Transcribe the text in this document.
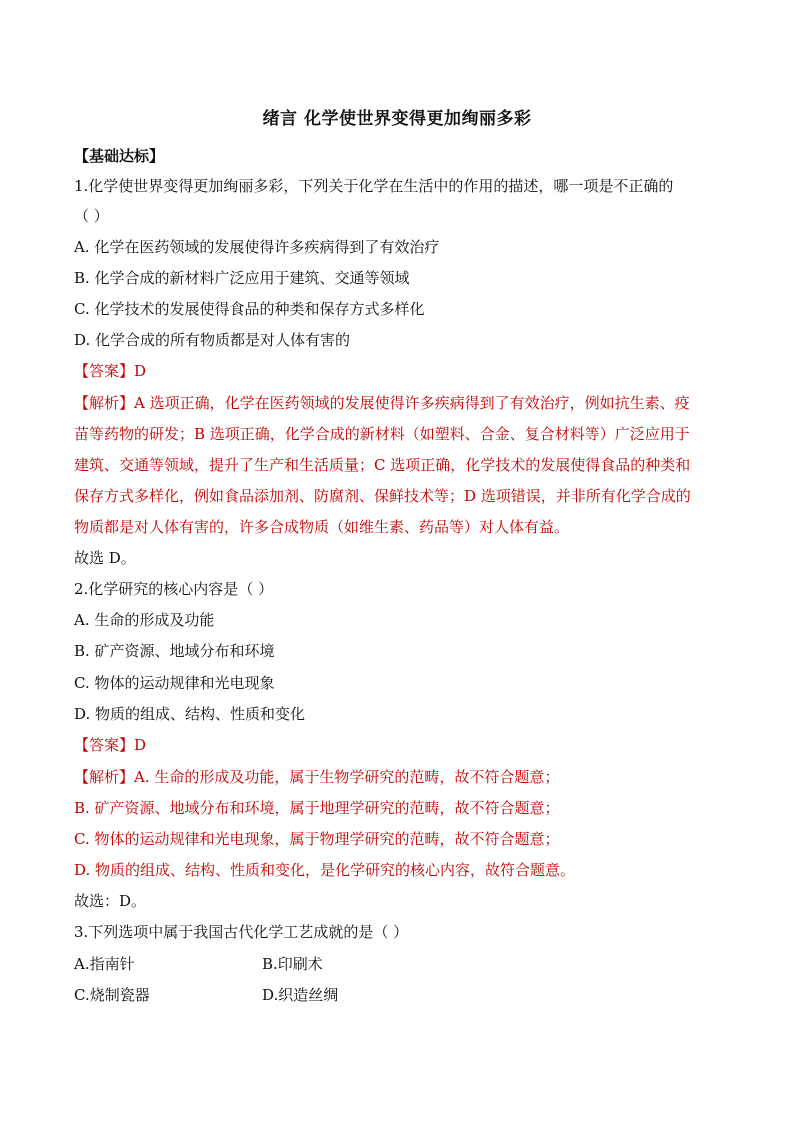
绪言 化学使世界变得更加绚丽多彩
【基础达标】
1.化学使世界变得更加绚丽多彩，下列关于化学在生活中的作用的描述，哪一项是不正确的
（ ）
A. 化学在医药领域的发展使得许多疾病得到了有效治疗
B. 化学合成的新材料广泛应用于建筑、交通等领域
C. 化学技术的发展使得食品的种类和保存方式多样化
D. 化学合成的所有物质都是对人体有害的
【答案】D
【解析】A 选项正确，化学在医药领域的发展使得许多疾病得到了有效治疗，例如抗生素、疫
苗等药物的研发；B 选项正确，化学合成的新材料（如塑料、合金、复合材料等）广泛应用于
建筑、交通等领域，提升了生产和生活质量；C 选项正确，化学技术的发展使得食品的种类和
保存方式多样化，例如食品添加剂、防腐剂、保鲜技术等；D 选项错误，并非所有化学合成的
物质都是对人体有害的，许多合成物质（如维生素、药品等）对人体有益。
故选 D。
2.化学研究的核心内容是（ ）
A. 生命的形成及功能
B. 矿产资源、地域分布和环境
C. 物体的运动规律和光电现象
D. 物质的组成、结构、性质和变化
【答案】D
【解析】A. 生命的形成及功能，属于生物学研究的范畴，故不符合题意；
B. 矿产资源、地域分布和环境，属于地理学研究的范畴，故不符合题意；
C. 物体的运动规律和光电现象，属于物理学研究的范畴，故不符合题意；
D. 物质的组成、结构、性质和变化，是化学研究的核心内容，故符合题意。
故选：D。
3.下列选项中属于我国古代化学工艺成就的是（ ）
A.指南针	B.印刷术
C.烧制瓷器	D.织造丝绸
